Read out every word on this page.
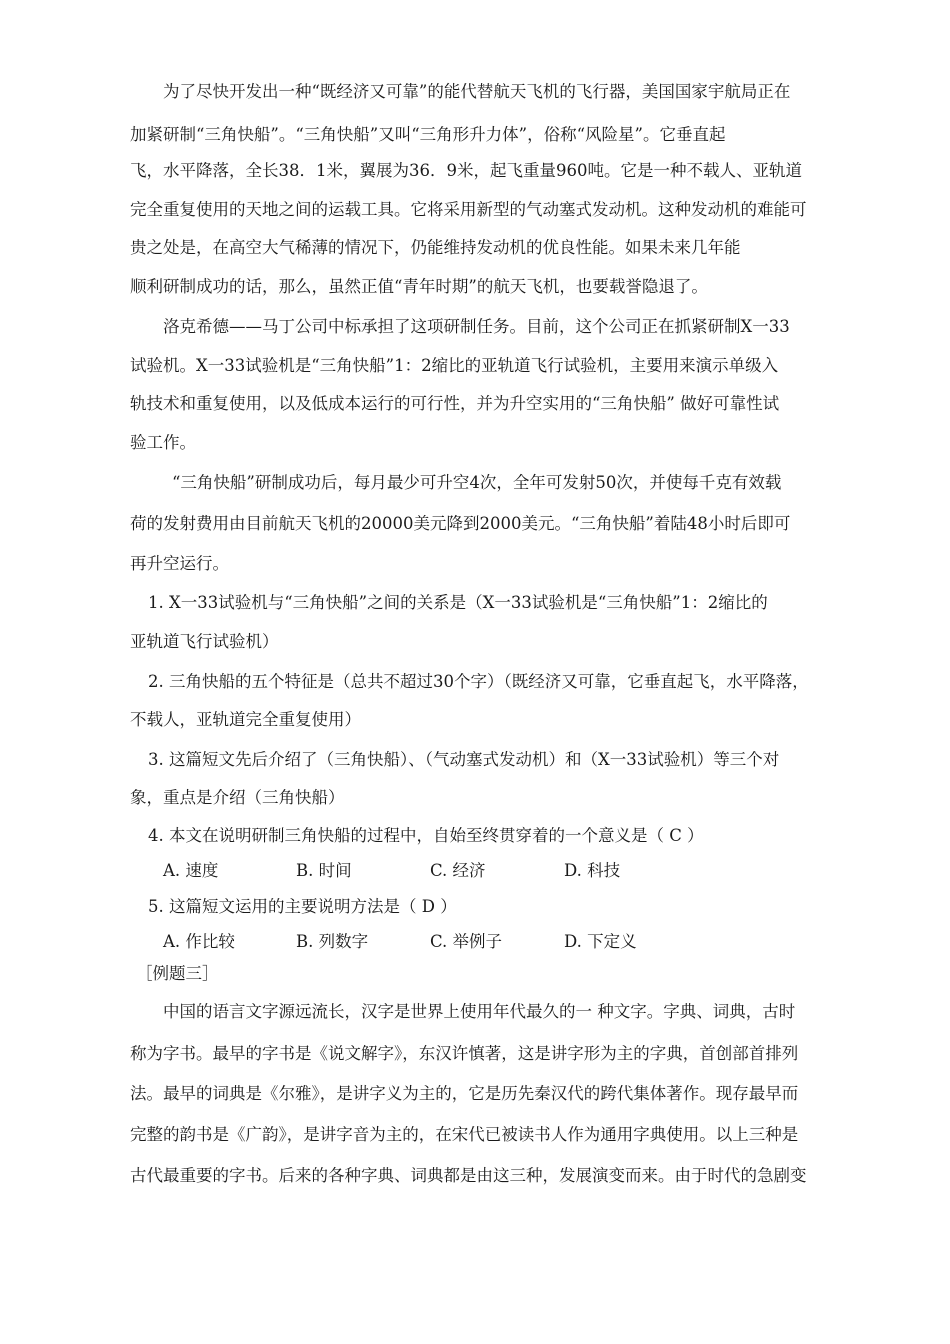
为了尽快开发出一种“既经济又可靠”的能代替航天飞机的飞行器，美国国家宇航局正在
加紧研制“三角快船”。“三角快船”又叫“三角形升力体”，俗称“风险星”。它垂直起
飞，水平降落，全长38．1米，翼展为36．9米，起飞重量960吨。它是一种不载人、亚轨道
完全重复使用的天地之间的运载工具。它将采用新型的气动塞式发动机。这种发动机的难能可
贵之处是，在高空大气稀薄的情况下，仍能维持发动机的优良性能。如果未来几年能
顺利研制成功的话，那么，虽然正值“青年时期”的航天飞机，也要载誉隐退了。
洛克希德——马丁公司中标承担了这项研制任务。目前，这个公司正在抓紧研制X一33
试验机。X一33试验机是“三角快船”1：2缩比的亚轨道飞行试验机，主要用来演示单级入
轨技术和重复使用，以及低成本运行的可行性，并为升空实用的“三角快船” 做好可靠性试
验工作。
“三角快船”研制成功后，每月最少可升空4次，全年可发射50次，并使每千克有效载
荷的发射费用由目前航天飞机的20000美元降到2000美元。“三角快船”着陆48小时后即可
再升空运行。
1. X一33试验机与“三角快船”之间的关系是（X一33试验机是“三角快船”1：2缩比的
亚轨道飞行试验机）
2. 三角快船的五个特征是（总共不超过30个字）（既经济又可靠，它垂直起飞，水平降落，
不载人，亚轨道完全重复使用）
3. 这篇短文先后介绍了（三角快船）、（气动塞式发动机）和（X一33试验机）等三个对
象，重点是介绍（三角快船）
4. 本文在说明研制三角快船的过程中，自始至终贯穿着的一个意义是（ C ）
A. 速度	B. 时间	C. 经济	D. 科技
5. 这篇短文运用的主要说明方法是（ D ）
A. 作比较	B. 列数字	C. 举例子	D. 下定义
［例题三］
中国的语言文字源远流长，汉字是世界上使用年代最久的一 种文字。字典、词典，古时
称为字书。最早的字书是《说文解字》，东汉许慎著，这是讲字形为主的字典，首创部首排列
法。最早的词典是《尔雅》，是讲字义为主的，它是历先秦汉代的跨代集体著作。现存最早而
完整的韵书是《广韵》，是讲字音为主的，在宋代已被读书人作为通用字典使用。以上三种是
古代最重要的字书。后来的各种字典、词典都是由这三种，发展演变而来。由于时代的急剧变
